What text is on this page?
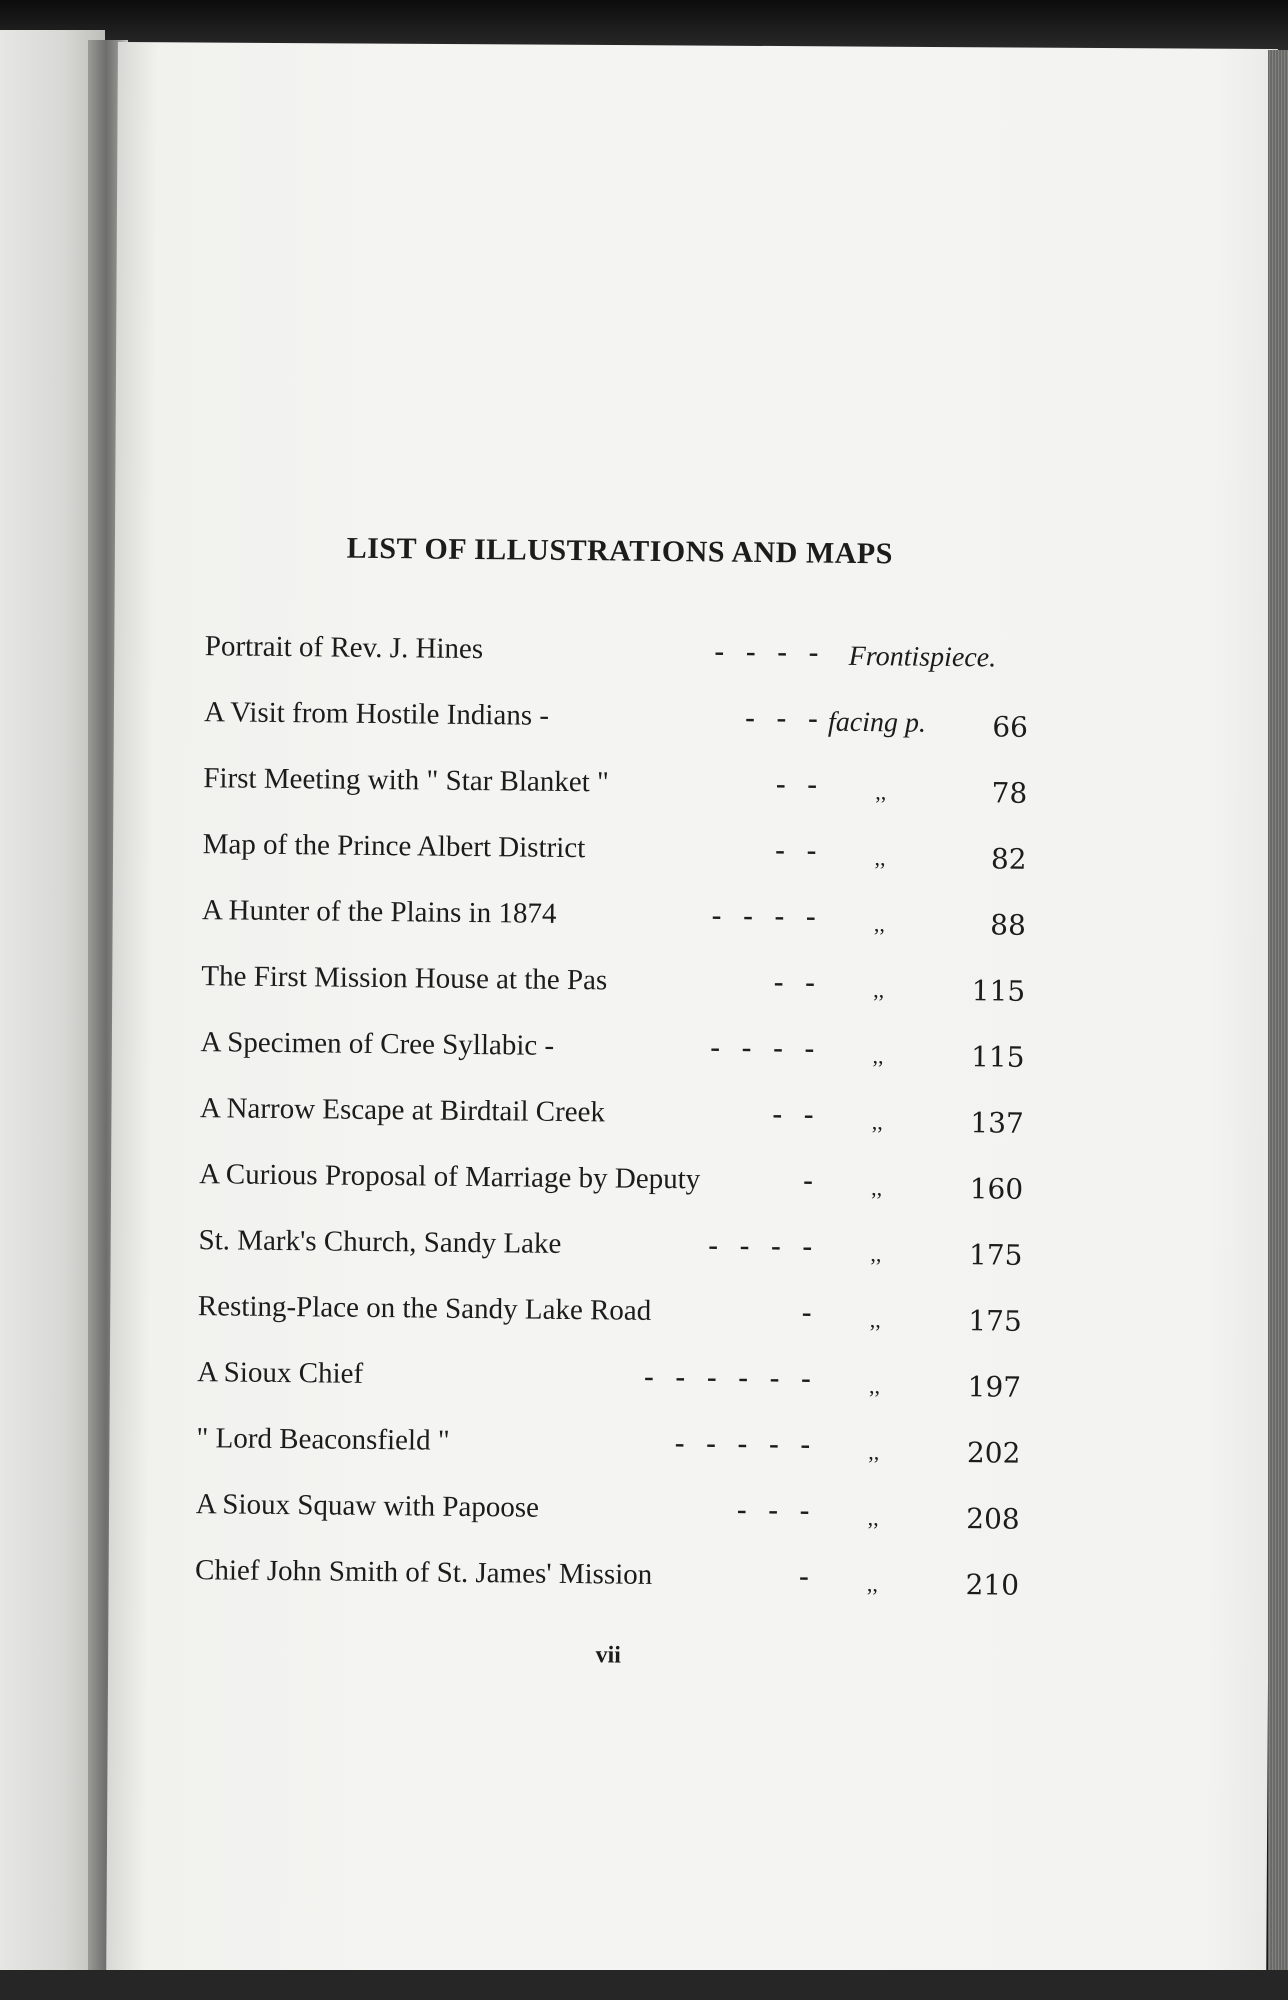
LIST OF ILLUSTRATIONS AND MAPS
Portrait of Rev. J. Hines	-   -   -   - Frontispiece.
A Visit from Hostile Indians -	-   -   - facing p.	66
First Meeting with " Star Blanket "	-   -	,,	78
Map of the Prince Albert District	-   -	,,	82
A Hunter of the Plains in 1874	-   -   -   -	,,	88
The First Mission House at the Pas	-   -	,,	115
A Specimen of Cree Syllabic -	-   -   -   -	,,	115
A Narrow Escape at Birdtail Creek	-   -	,,	137
A Curious Proposal of Marriage by Deputy	-	,,	160
St. Mark's Church, Sandy Lake	-   -   -   -	,,	175
Resting-Place on the Sandy Lake Road	-	,,	175
A Sioux Chief	-   -   -   -   -   -	,,	197
" Lord Beaconsfield "	-   -   -   -   -	,,	202
A Sioux Squaw with Papoose	-   -   -	,,	208
Chief John Smith of St. James' Mission	-	,,	210
vii
